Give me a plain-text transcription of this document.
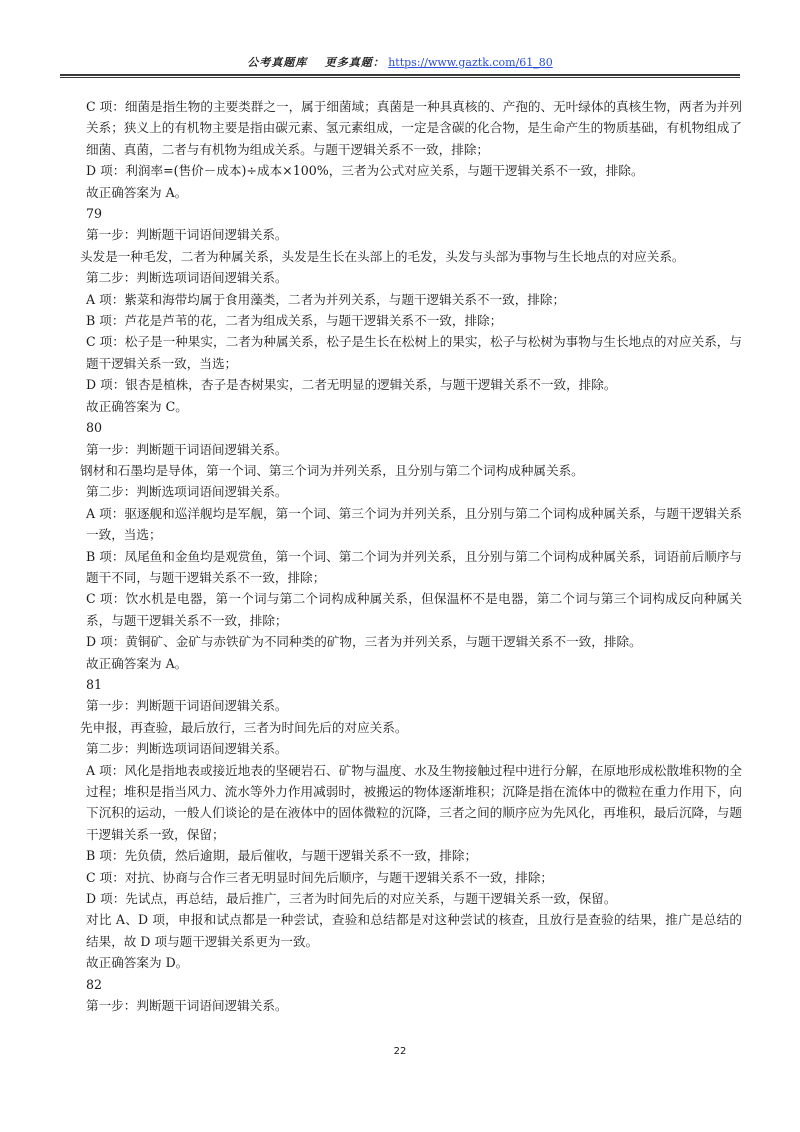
公考真题库 更多真题： https://www.gaztk.com/61_80

C 项：细菌是指生物的主要类群之一，属于细菌域；真菌是一种具真核的、产孢的、无叶绿体的真核生物，两者为并列关系；狭义上的有机物主要是指由碳元素、氢元素组成，一定是含碳的化合物，是生命产生的物质基础，有机物组成了细菌、真菌，二者与有机物为组成关系。与题干逻辑关系不一致，排除；

D 项：利润率=(售价－成本)÷成本×100%，三者为公式对应关系，与题干逻辑关系不一致，排除。

故正确答案为 A。

79

第一步：判断题干词语间逻辑关系。

头发是一种毛发，二者为种属关系，头发是生长在头部上的毛发，头发与头部为事物与生长地点的对应关系。

第二步：判断选项词语间逻辑关系。

A 项：紫菜和海带均属于食用藻类，二者为并列关系，与题干逻辑关系不一致，排除；

B 项：芦花是芦苇的花，二者为组成关系，与题干逻辑关系不一致，排除；

C 项：松子是一种果实，二者为种属关系，松子是生长在松树上的果实，松子与松树为事物与生长地点的对应关系，与题干逻辑关系一致，当选；

D 项：银杏是植株，杏子是杏树果实，二者无明显的逻辑关系，与题干逻辑关系不一致，排除。

故正确答案为 C。

80

第一步：判断题干词语间逻辑关系。

钢材和石墨均是导体，第一个词、第三个词为并列关系，且分别与第二个词构成种属关系。

第二步：判断选项词语间逻辑关系。

A 项：驱逐舰和巡洋舰均是军舰，第一个词、第三个词为并列关系，且分别与第二个词构成种属关系，与题干逻辑关系一致，当选；

B 项：凤尾鱼和金鱼均是观赏鱼，第一个词、第二个词为并列关系，且分别与第二个词构成种属关系，词语前后顺序与题干不同，与题干逻辑关系不一致，排除；

C 项：饮水机是电器，第一个词与第二个词构成种属关系，但保温杯不是电器，第二个词与第三个词构成反向种属关系，与题干逻辑关系不一致，排除；

D 项：黄铜矿、金矿与赤铁矿为不同种类的矿物，三者为并列关系，与题干逻辑关系不一致，排除。

故正确答案为 A。

81

第一步：判断题干词语间逻辑关系。

先申报，再查验，最后放行，三者为时间先后的对应关系。

第二步：判断选项词语间逻辑关系。

A 项：风化是指地表或接近地表的坚硬岩石、矿物与温度、水及生物接触过程中进行分解，在原地形成松散堆积物的全过程；堆积是指当风力、流水等外力作用减弱时，被搬运的物体逐渐堆积；沉降是指在流体中的微粒在重力作用下，向下沉积的运动，一般人们谈论的是在液体中的固体微粒的沉降，三者之间的顺序应为先风化，再堆积，最后沉降，与题干逻辑关系一致，保留；

B 项：先负债，然后逾期，最后催收，与题干逻辑关系不一致，排除；

C 项：对抗、协商与合作三者无明显时间先后顺序，与题干逻辑关系不一致，排除；

D 项：先试点，再总结，最后推广，三者为时间先后的对应关系，与题干逻辑关系一致，保留。

对比 A、D 项，申报和试点都是一种尝试，查验和总结都是对这种尝试的核查，且放行是查验的结果，推广是总结的结果，故 D 项与题干逻辑关系更为一致。

故正确答案为 D。

82

第一步：判断题干词语间逻辑关系。

22
